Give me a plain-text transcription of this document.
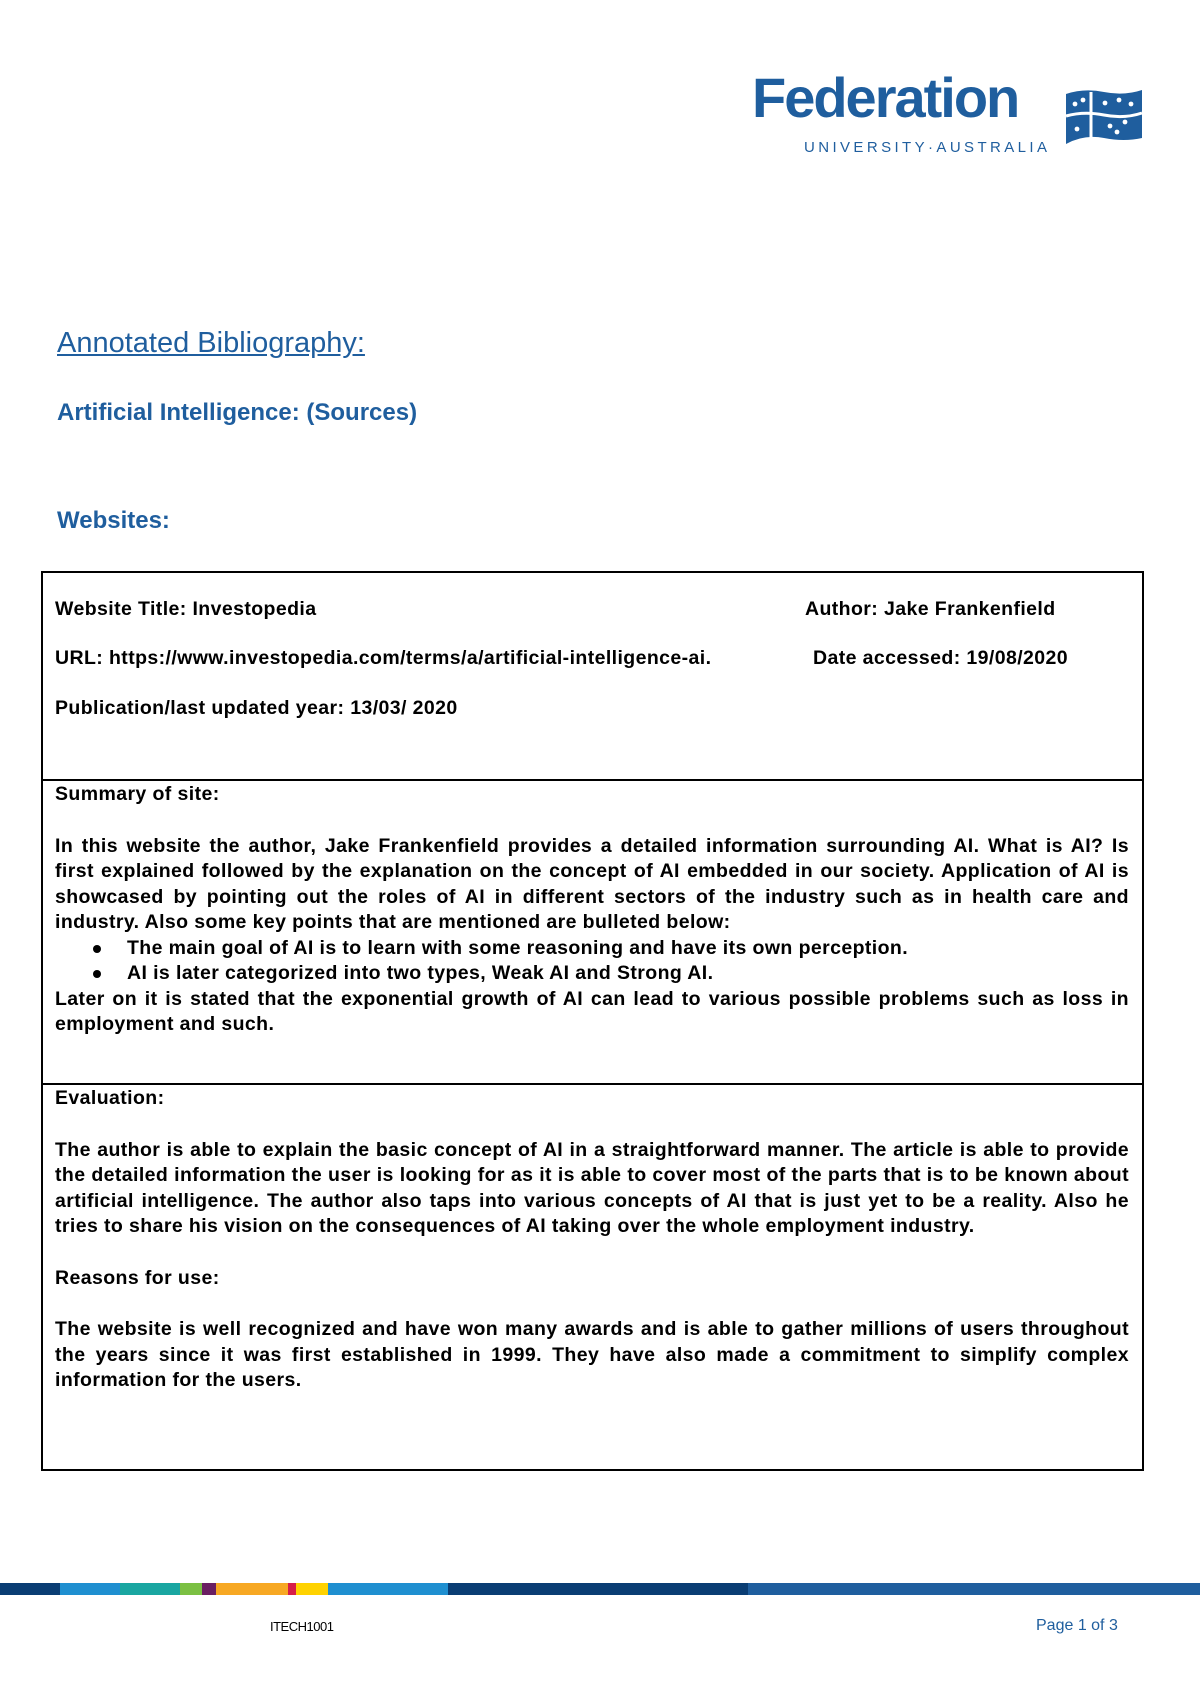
Federation
UNIVERSITY·AUSTRALIA
Annotated Bibliography:
Artificial Intelligence: (Sources)
Websites:
Website Title: Investopedia	Author: Jake Frankenfield
URL: https://www.investopedia.com/terms/a/artificial-intelligence-ai.	Date accessed: 19/08/2020
Publication/last updated year: 13/03/ 2020
Summary of site:
In this website the author, Jake Frankenfield provides a detailed information surrounding AI. What is AI? Is first explained followed by the explanation on the concept of AI embedded in our society. Application of AI is showcased by pointing out the roles of AI in different sectors of the industry such as in health care and industry. Also some key points that are mentioned are bulleted below:
The main goal of AI is to learn with some reasoning and have its own perception.
AI is later categorized into two types, Weak AI and Strong AI.
Later on it is stated that the exponential growth of AI can lead to various possible problems such as loss in employment and such.
Evaluation:
The author is able to explain the basic concept of AI in a straightforward manner. The article is able to provide the detailed information the user is looking for as it is able to cover most of the parts that is to be known about artificial intelligence. The author also taps into various concepts of AI that is just yet to be a reality. Also he tries to share his vision on the consequences of AI taking over the whole employment industry.
Reasons for use:
The website is well recognized and have won many awards and is able to gather millions of users throughout the years since it was first established in 1999. They have also made a commitment to simplify complex information for the users.
ITECH1001	Page 1 of 3
